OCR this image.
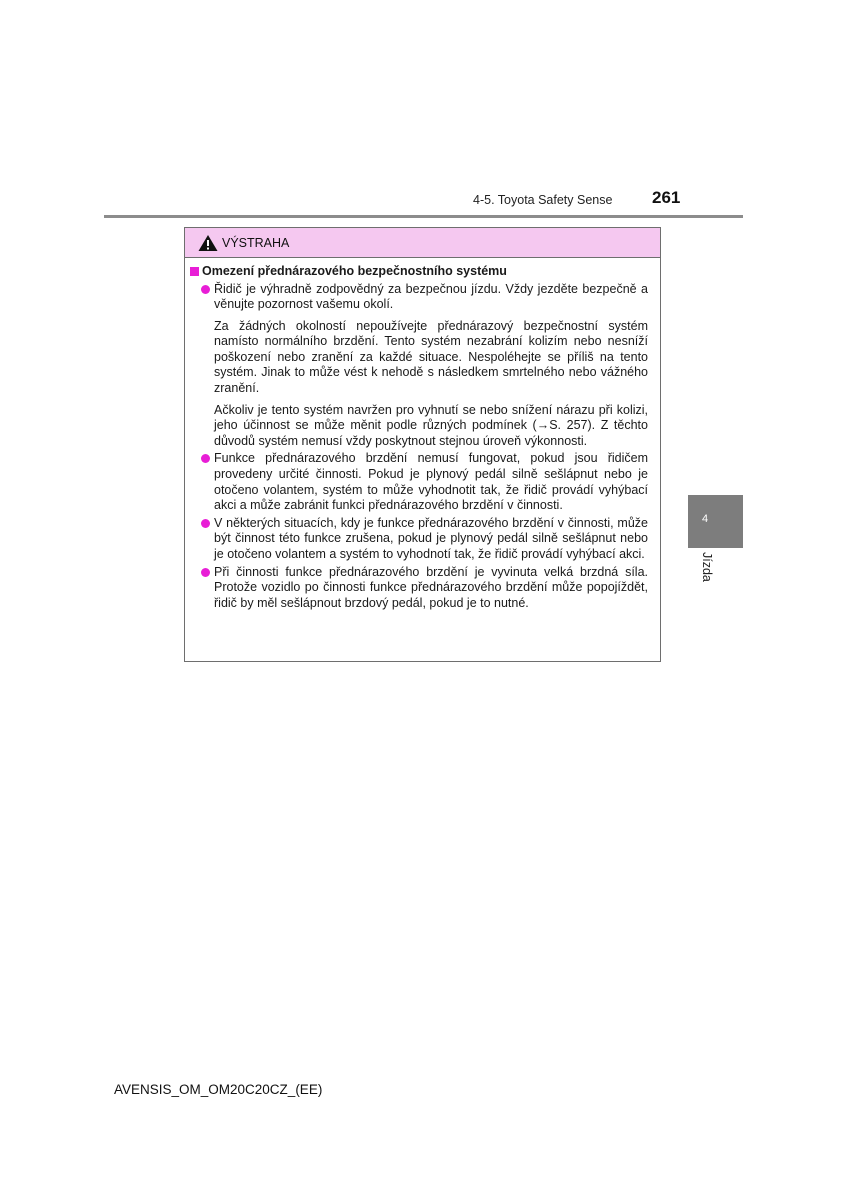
4-5. Toyota Safety Sense 261
4
Jízda
VÝSTRAHA
Omezení přednárazového bezpečnostního systému

Řidič je výhradně zodpovědný za bezpečnou jízdu. Vždy jezděte bezpečně a věnujte pozornost vašemu okolí.

Za žádných okolností nepoužívejte přednárazový bezpečnostní systém namísto normálního brzdění. Tento systém nezabrání kolizím nebo nesníží poškození nebo zranění za každé situace. Nespoléhejte se příliš na tento systém. Jinak to může vést k nehodě s následkem smrtelného nebo vážného zranění.

Ačkoliv je tento systém navržen pro vyhnutí se nebo snížení nárazu při kolizi, jeho účinnost se může měnit podle různých podmínek (→S. 257). Z těchto důvodů systém nemusí vždy poskytnout stejnou úroveň výkonnosti.

Funkce přednárazového brzdění nemusí fungovat, pokud jsou řidičem provedeny určité činnosti. Pokud je plynový pedál silně sešlápnut nebo je otočeno volantem, systém to může vyhodnotit tak, že řidič provádí vyhýbací akci a může zabránit funkci přednárazového brzdění v činnosti.

V některých situacích, kdy je funkce přednárazového brzdění v činnosti, může být činnost této funkce zrušena, pokud je plynový pedál silně sešlápnut nebo je otočeno volantem a systém to vyhodnotí tak, že řidič provádí vyhýbací akci.

Při činnosti funkce přednárazového brzdění je vyvinuta velká brzdná síla. Protože vozidlo po činnosti funkce přednárazového brzdění může popojíždět, řidič by měl sešlápnout brzdový pedál, pokud je to nutné.

AVENSIS_OM_OM20C20CZ_(EE)
